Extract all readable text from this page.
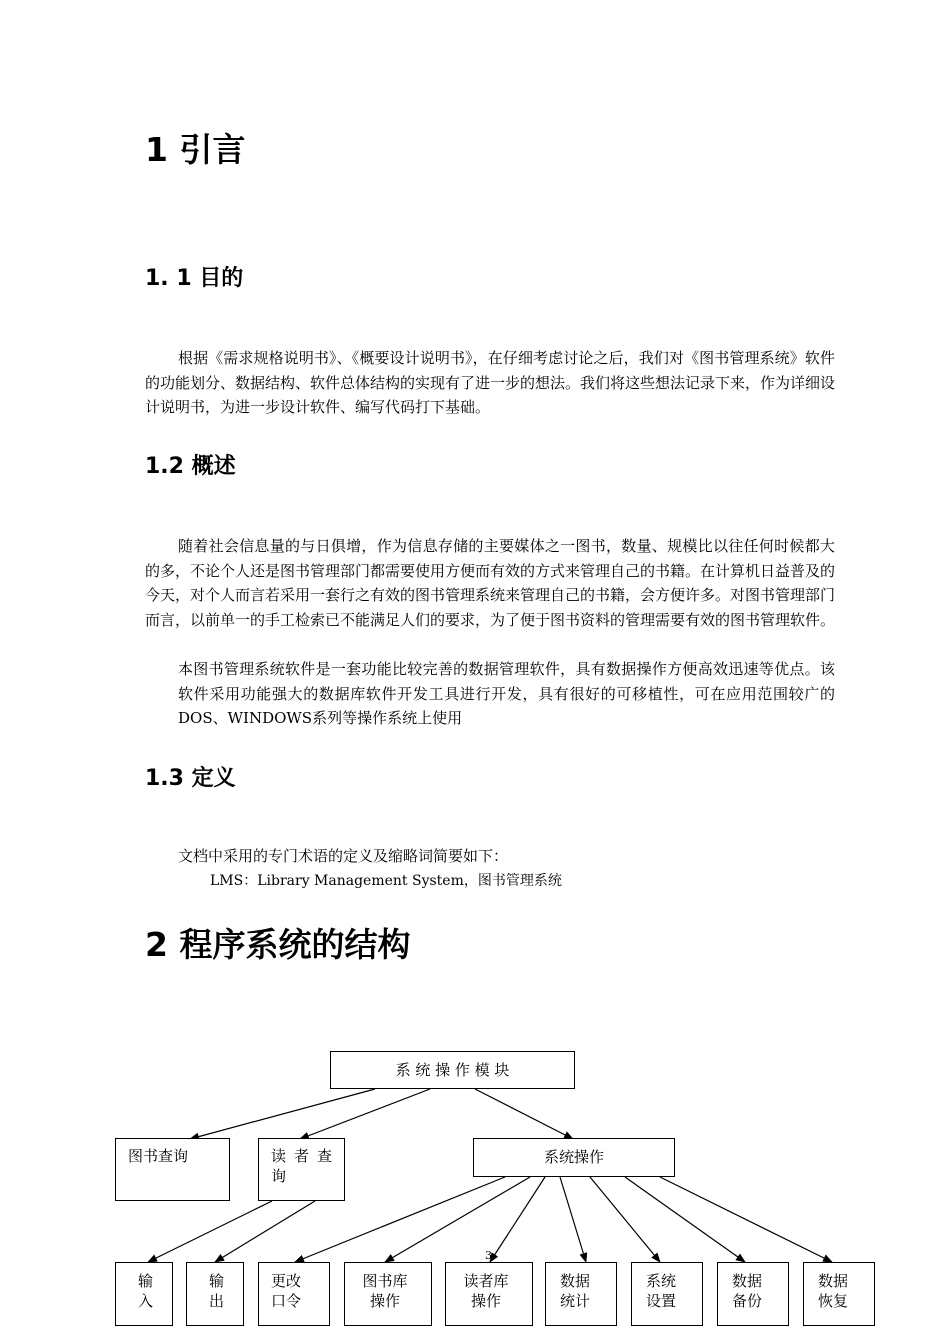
1 引言
1. 1 目的

根据《需求规格说明书》、《概要设计说明书》，在仔细考虑讨论之后，我们对《图书管理系统》软件的功能划分、数据结构、软件总体结构的实现有了进一步的想法。我们将这些想法记录下来，作为详细设计说明书，为进一步设计软件、编写代码打下基础。

1.2 概述

随着社会信息量的与日俱增，作为信息存储的主要媒体之一图书，数量、规模比以往任何时候都大的多，不论个人还是图书管理部门都需要使用方便而有效的方式来管理自己的书籍。在计算机日益普及的今天，对个人而言若采用一套行之有效的图书管理系统来管理自己的书籍，会方便许多。对图书管理部门而言，以前单一的手工检索已不能满足人们的要求，为了便于图书资料的管理需要有效的图书管理软件。

本图书管理系统软件是一套功能比较完善的数据管理软件，具有数据操作方便高效迅速等优点。该软件采用功能强大的数据库软件开发工具进行开发，具有很好的可移植性，可在应用范围较广的DOS、WINDOWS系列等操作系统上使用

1.3 定义

文档中采用的专门术语的定义及缩略词简要如下：

LMS：Library Management System，图书管理系统

2 程序系统的结构
系 统 操 作 模 块
图书查询	读 者 查 询
系统操作
输入
输出
更改口令
图书库操作
读者库操作
数据统计
系统设置
数据备份
数据恢复
3
